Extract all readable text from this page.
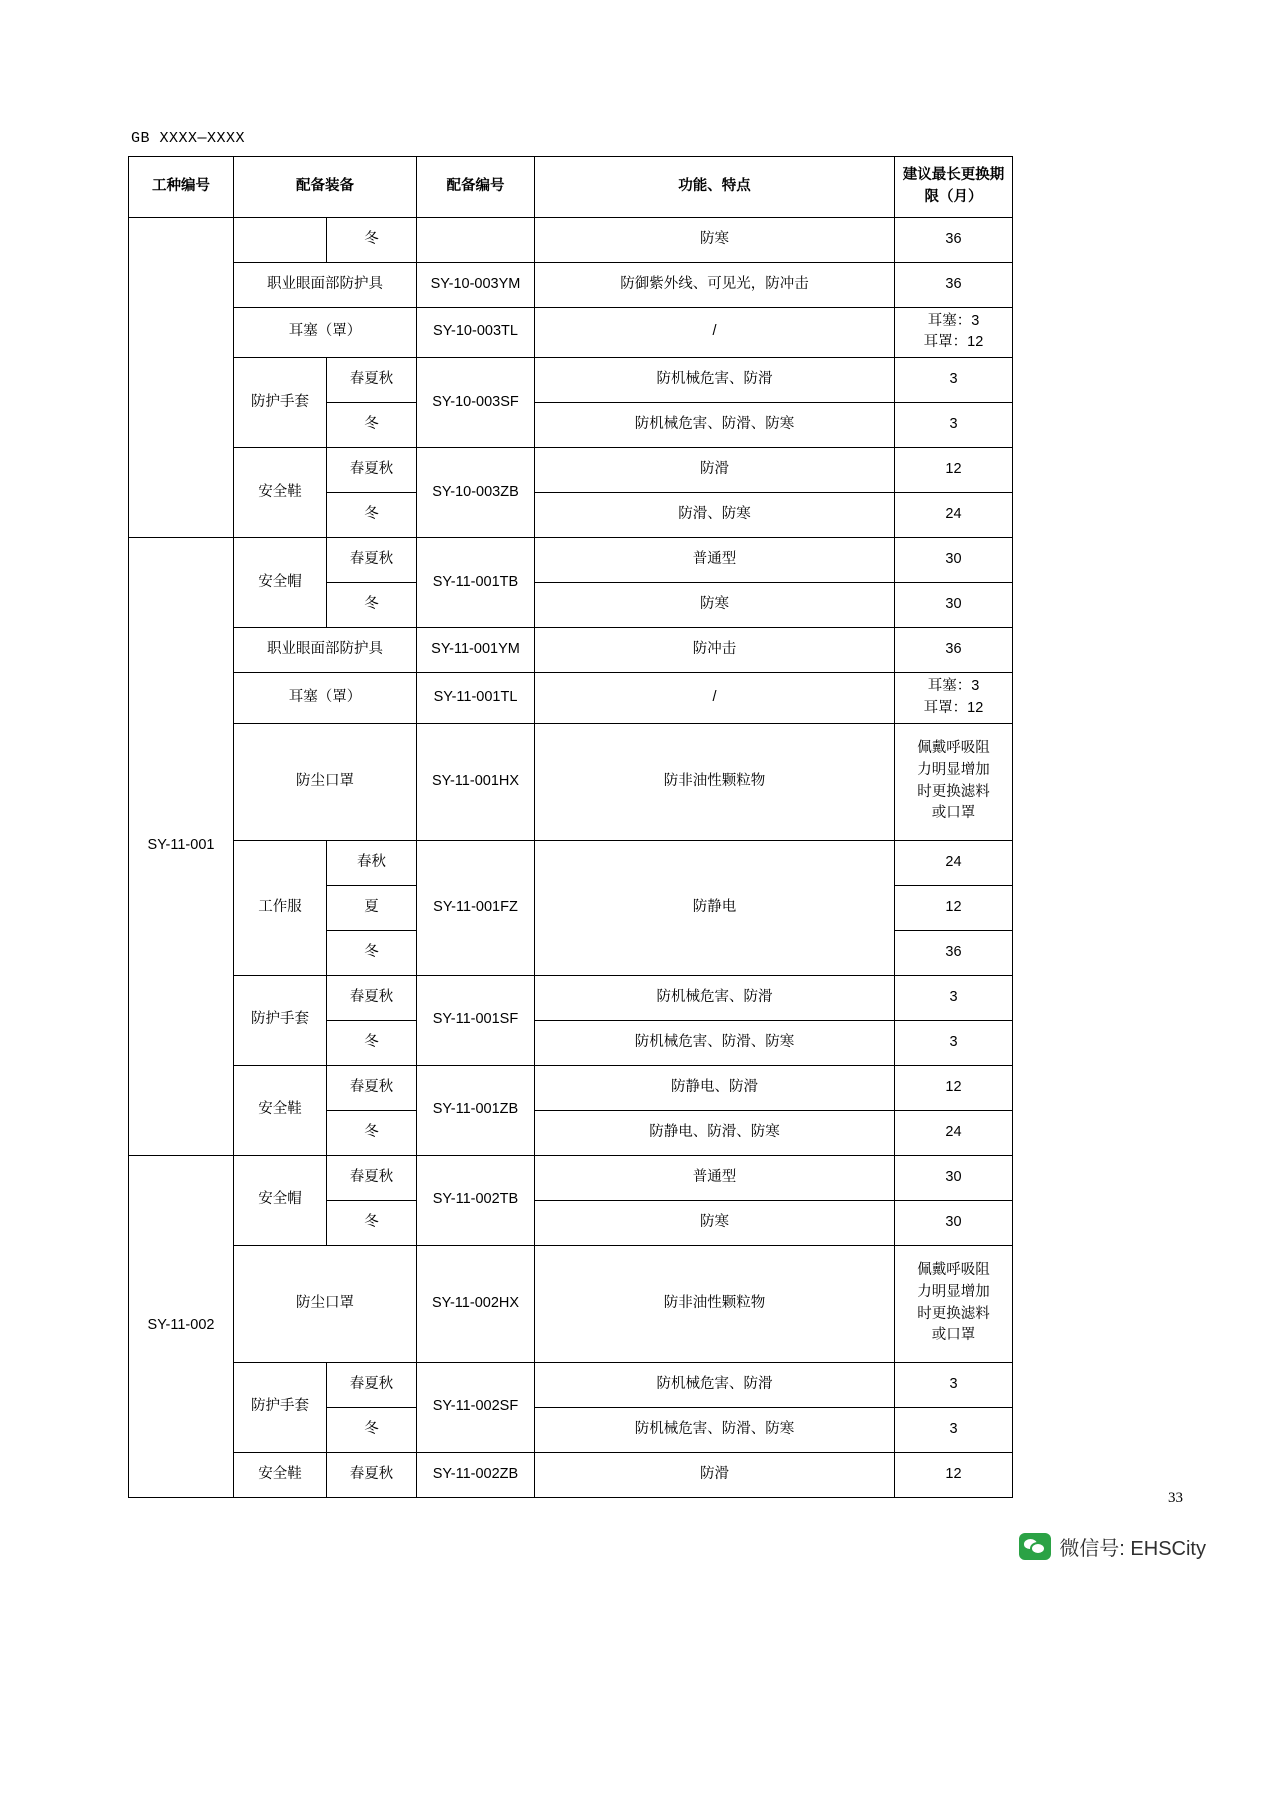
GB XXXX—XXXX
工种编号	配备装备		配备编号	功能、特点	建议最长更换期限（月）
		冬		防寒	36
	职业眼面部防护具		SY-10-003YM	防御紫外线、可见光，防冲击	36
	耳塞（罩）		SY-10-003TL	/	耳塞：3
耳罩：12

	防护手套	春夏秋	SY-10-003SF	防机械危害、防滑	3
		冬		防机械危害、防滑、防寒	3
	安全鞋	春夏秋	SY-10-003ZB	防滑	12
		冬		防滑、防寒	24
SY-11-001	安全帽	春夏秋	SY-11-001TB	普通型	30
		冬		防寒	30
	职业眼面部防护具		SY-11-001YM	防冲击	36
	耳塞（罩）		SY-11-001TL	/	耳塞：3
耳罩：12

	防尘口罩		SY-11-001HX	防非油性颗粒物	佩戴呼吸阻
力明显增加
时更换滤料
或口罩

	工作服	春秋	SY-11-001FZ	防静电	24
		夏			12
		冬			36
	防护手套	春夏秋	SY-11-001SF	防机械危害、防滑	3
		冬		防机械危害、防滑、防寒	3
	安全鞋	春夏秋	SY-11-001ZB	防静电、防滑	12
		冬		防静电、防滑、防寒	24
SY-11-002	安全帽	春夏秋	SY-11-002TB	普通型	30
		冬		防寒	30
	防尘口罩		SY-11-002HX	防非油性颗粒物	佩戴呼吸阻
力明显增加
时更换滤料
或口罩

	防护手套	春夏秋	SY-11-002SF	防机械危害、防滑	3
		冬		防机械危害、防滑、防寒	3
	安全鞋	春夏秋	SY-11-002ZB	防滑	12
33
微信号: EHSCity
